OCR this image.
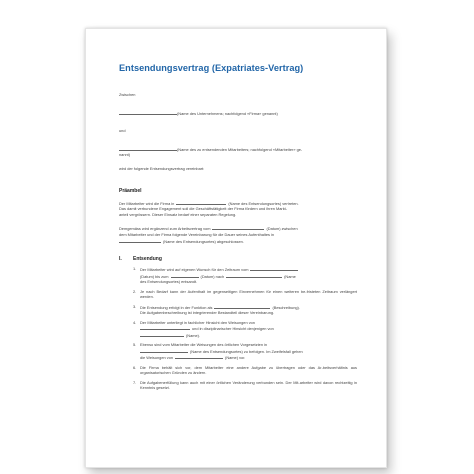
Entsendungsvertrag (Expatriates-Vertrag)

Zwischen

(Name des Unternehmens; nachfolgend «Firma» genannt)

und

(Name des zu entsendenden Mitarbeiters; nachfolgend «Mitarbeiter» ge-

nannt)

wird der folgende Entsendungsvertrag vereinbart:

Präambel

Der Mitarbeiter wird die Firma in	(Name des Entsendungsortes) vertreten.

Das damit verbundene Engagement soll die Geschäftstätigkeit der Firma fördern und ihren Markt-

anteil vergrössern. Dieser Einsatz bedarf einer separaten Regelung.

Demgemäss wird ergänzend zum Arbeitsvertrag vom	(Datum) zwischen

dem Mitarbeiter und der Firma folgende Vereinbarung für die Dauer seines Aufenthaltes in

(Name des Entsendungsortes) abgeschlossen.
I.	Entsendung
1. Der Mitarbeiter wird auf eigenen Wunsch für den Zeitraum vom
(Datum) bis zum	(Datum) nach	(Name

des Entsendungsortes) entsandt.

2. Je nach Bedarf kann der Aufenthalt im gegenseitigen Einvernehmen für einen weiteren be-fristeten Zeitraum verlängert werden.

3. Die Entsendung erfolgt in der Funktion als	(Beschreibung).

Die Aufgabenbeschreibung ist integrierender Bestandteil dieser Vereinbarung.

4. Der Mitarbeiter unterliegt in fachlicher Hinsicht den Weisungen von

und in disziplinarischer Hinsicht denjenigen von
(Name).
5. Ebenso sind vom Mitarbeiter die Weisungen des örtlichen Vorgesetzten in

(Name des Entsendungsortes) zu befolgen. Im Zweifelsfall gehen
die Weisungen von	(Name) vor.
6. Die Firma behält sich vor, dem Mitarbeiter eine andere Aufgabe zu übertragen oder das Ar-beitsverhältnis aus organisatorischen Gründen zu ändern.

7. Die Aufgabenerfüllung kann auch mit einer örtlichen Veränderung verbunden sein. Der Mit-arbeiter wird davon rechtzeitig in Kenntnis gesetzt.
